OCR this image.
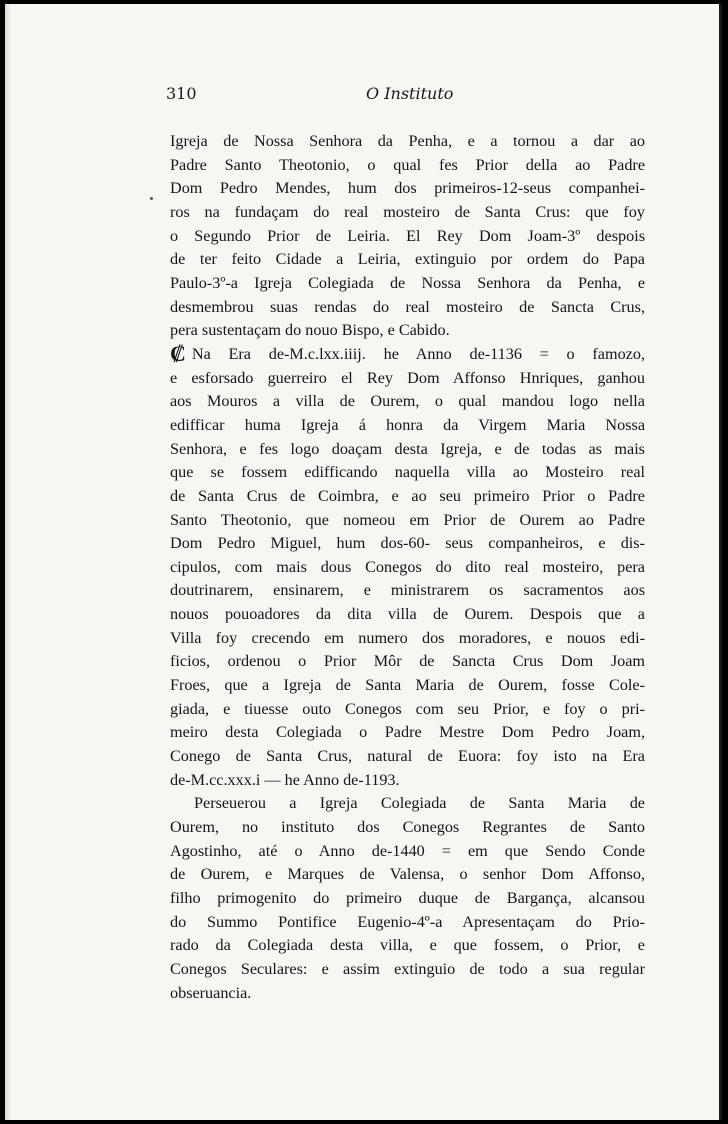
310	O Instituto
Igreja de Nossa Senhora da Penha, e a tornou a dar ao
Padre Santo Theotonio, o qual fes Prior della ao Padre
Dom Pedro Mendes, hum dos primeiros-12-seus companhei-
ros na fundaçam do real mosteiro de Santa Crus: que foy
o Segundo Prior de Leiria. El Rey Dom Joam-3º despois
de ter feito Cidade a Leiria, extinguio por ordem do Papa
Paulo-3º-a Igreja Colegiada de Nossa Senhora da Penha, e
desmembrou suas rendas do real mosteiro de Sancta Crus,
pera sustentaçam do nouo Bispo, e Cabido.
₡ Na Era de-M.c.lxx.iiij. he Anno de-1136 = o famozo,
e esforsado guerreiro el Rey Dom Affonso Hnriques, ganhou
aos Mouros a villa de Ourem, o qual mandou logo nella
edifficar huma Igreja á honra da Virgem Maria Nossa
Senhora, e fes logo doaçam desta Igreja, e de todas as mais
que se fossem edifficando naquella villa ao Mosteiro real
de Santa Crus de Coimbra, e ao seu primeiro Prior o Padre
Santo Theotonio, que nomeou em Prior de Ourem ao Padre
Dom Pedro Miguel, hum dos-60- seus companheiros, e dis-
cipulos, com mais dous Conegos do dito real mosteiro, pera
doutrinarem, ensinarem, e ministrarem os sacramentos aos
nouos pouoadores da dita villa de Ourem. Despois que a
Villa foy crecendo em numero dos moradores, e nouos edi-
ficios, ordenou o Prior Môr de Sancta Crus Dom Joam
Froes, que a Igreja de Santa Maria de Ourem, fosse Cole-
giada, e tiuesse outo Conegos com seu Prior, e foy o pri-
meiro desta Colegiada o Padre Mestre Dom Pedro Joam,
Conego de Santa Crus, natural de Euora: foy isto na Era
de-M.cc.xxx.i — he Anno de-1193.
Perseuerou a Igreja Colegiada de Santa Maria de
Ourem, no instituto dos Conegos Regrantes de Santo
Agostinho, até o Anno de-1440 = em que Sendo Conde
de Ourem, e Marques de Valensa, o senhor Dom Affonso,
filho primogenito do primeiro duque de Bargança, alcansou
do Summo Pontifice Eugenio-4º-a Apresentaçam do Prio-
rado da Colegiada desta villa, e que fossem, o Prior, e
Conegos Seculares: e assim extinguio de todo a sua regular
obseruancia.
